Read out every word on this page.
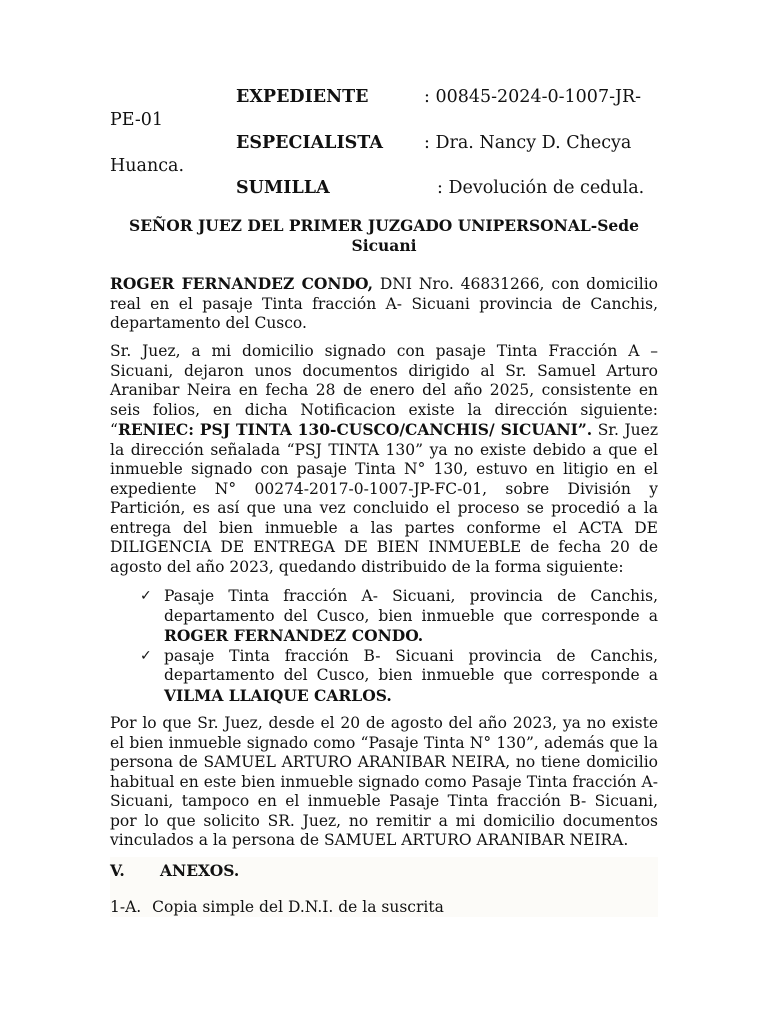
EXPEDIENTE	: 00845-2024-0-1007-JR-
PE-01
ESPECIALISTA : Dra. Nancy D. Checya
Huanca.
SUMILLA	: Devolución de cedula.
SEÑOR JUEZ DEL PRIMER JUZGADO UNIPERSONAL-Sede
Sicuani
ROGER FERNANDEZ CONDO, DNI Nro. 46831266, con domicilio real en el pasaje Tinta fracción A- Sicuani provincia de Canchis, departamento del Cusco.
Sr. Juez, a mi domicilio signado con pasaje Tinta Fracción A – Sicuani, dejaron unos documentos dirigido al Sr. Samuel Arturo Aranibar Neira en fecha 28 de enero del año 2025, consistente en seis folios, en dicha Notificacion existe la dirección siguiente: “RENIEC: PSJ TINTA 130-CUSCO/CANCHIS/ SICUANI”. Sr. Juez la dirección señalada “PSJ TINTA 130” ya no existe debido a que el inmueble signado con pasaje Tinta N° 130, estuvo en litigio en el expediente N° 00274-2017-0-1007-JP-FC-01, sobre División y Partición, es así que una vez concluido el proceso se procedió a la entrega del bien inmueble a las partes conforme el ACTA DE DILIGENCIA DE ENTREGA DE BIEN INMUEBLE de fecha 20 de agosto del año 2023, quedando distribuido de la forma siguiente:
✓ Pasaje Tinta fracción A- Sicuani, provincia de Canchis, departamento del Cusco, bien inmueble que corresponde a ROGER FERNANDEZ CONDO.
✓ pasaje Tinta fracción B- Sicuani provincia de Canchis, departamento del Cusco, bien inmueble que corresponde a VILMA LLAIQUE CARLOS.
Por lo que Sr. Juez, desde el 20 de agosto del año 2023, ya no existe el bien inmueble signado como “Pasaje Tinta N° 130”, además que la persona de SAMUEL ARTURO ARANIBAR NEIRA, no tiene domicilio habitual en este bien inmueble signado como Pasaje Tinta fracción A- Sicuani, tampoco en el inmueble Pasaje Tinta fracción B- Sicuani, por lo que solicito SR. Juez, no remitir a mi domicilio documentos vinculados a la persona de SAMUEL ARTURO ARANIBAR NEIRA.
V. ANEXOS.
1-A. Copia simple del D.N.I. de la suscrita
